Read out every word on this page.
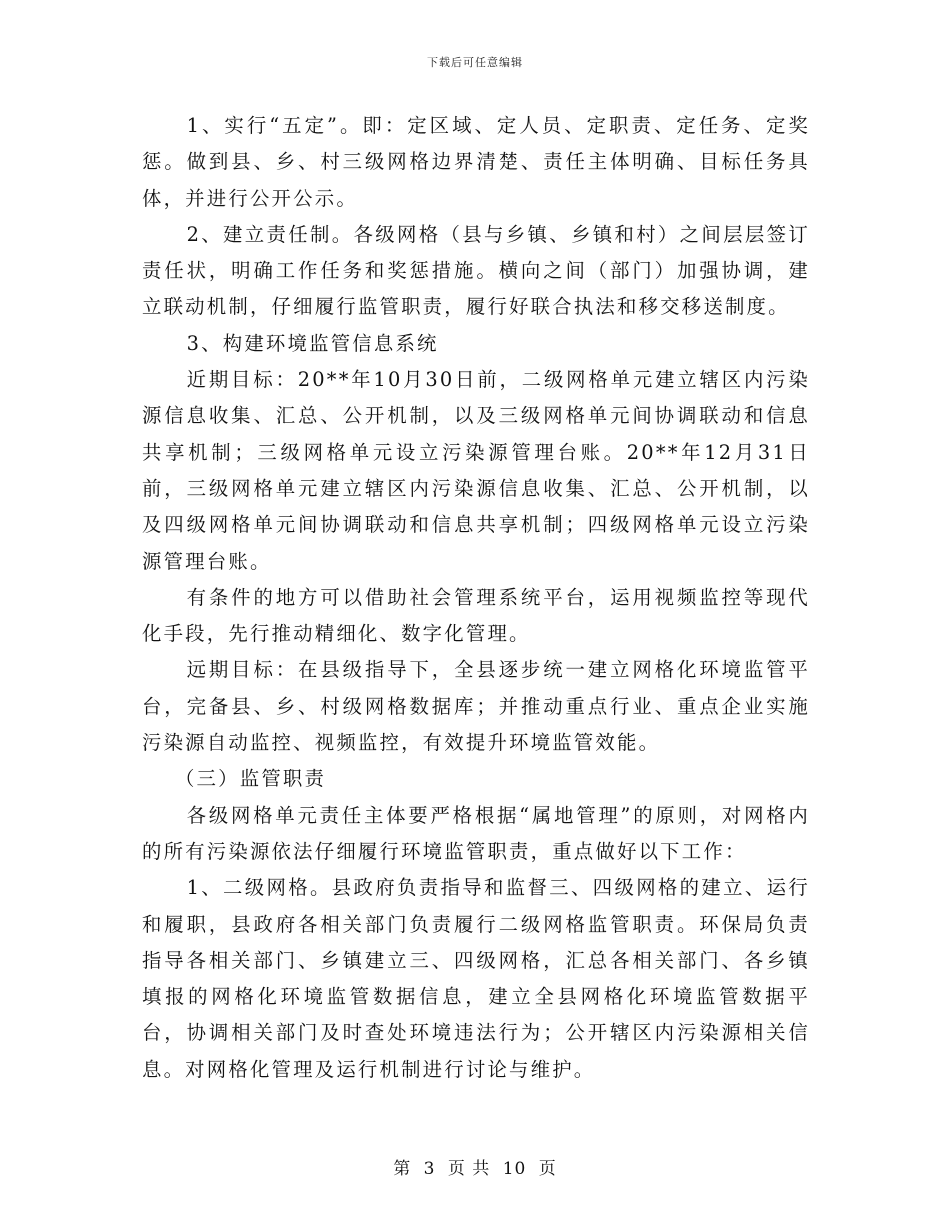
下载后可任意编辑

1、实行“五定”。即：定区域、定人员、定职责、定任务、定奖惩。做到县、乡、村三级网格边界清楚、责任主体明确、目标任务具体，并进行公开公示。

2、建立责任制。各级网格（县与乡镇、乡镇和村）之间层层签订责任状，明确工作任务和奖惩措施。横向之间（部门）加强协调，建立联动机制，仔细履行监管职责，履行好联合执法和移交移送制度。

3、构建环境监管信息系统

近期目标：20**年10月30日前，二级网格单元建立辖区内污染源信息收集、汇总、公开机制，以及三级网格单元间协调联动和信息共享机制；三级网格单元设立污染源管理台账。20**年12月31日前，三级网格单元建立辖区内污染源信息收集、汇总、公开机制，以及四级网格单元间协调联动和信息共享机制；四级网格单元设立污染源管理台账。

有条件的地方可以借助社会管理系统平台，运用视频监控等现代化手段，先行推动精细化、数字化管理。

远期目标：在县级指导下，全县逐步统一建立网格化环境监管平台，完备县、乡、村级网格数据库；并推动重点行业、重点企业实施污染源自动监控、视频监控，有效提升环境监管效能。

（三）监管职责

各级网格单元责任主体要严格根据“属地管理”的原则，对网格内的所有污染源依法仔细履行环境监管职责，重点做好以下工作：

1、二级网格。县政府负责指导和监督三、四级网格的建立、运行和履职，县政府各相关部门负责履行二级网格监管职责。环保局负责指导各相关部门、乡镇建立三、四级网格，汇总各相关部门、各乡镇填报的网格化环境监管数据信息，建立全县网格化环境监管数据平台，协调相关部门及时查处环境违法行为；公开辖区内污染源相关信息。对网格化管理及运行机制进行讨论与维护。

第 3 页 共 10 页
